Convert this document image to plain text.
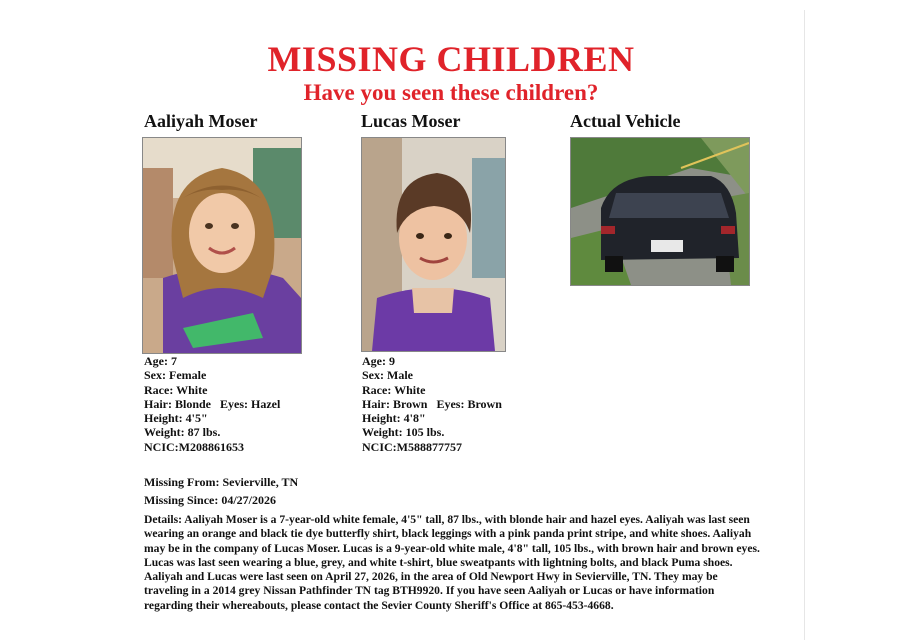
MISSING CHILDREN
Have you seen these children?
Aaliyah Moser	Lucas Moser	Actual Vehicle
Age: 7
Sex: Female
Race: White
Hair: Blonde   Eyes: Hazel
Height: 4'5"
Weight: 87 lbs.
NCIC:M208861653
Age: 9
Sex: Male
Race: White
Hair: Brown   Eyes: Brown
Height: 4'8"
Weight: 105 lbs.
NCIC:M588877757
Missing From: Sevierville, TN
Missing Since: 04/27/2026
Details: Aaliyah Moser is a 7-year-old white female, 4'5" tall, 87 lbs., with blonde hair and hazel eyes. Aaliyah was last seen wearing an orange and black tie dye butterfly shirt, black leggings with a pink panda print stripe, and white shoes. Aaliyah may be in the company of Lucas Moser. Lucas is a 9-year-old white male, 4'8" tall, 105 lbs., with brown hair and brown eyes. Lucas was last seen wearing a blue, grey, and white t-shirt, blue sweatpants with lightning bolts, and black Puma shoes. Aaliyah and Lucas were last seen on April 27, 2026, in the area of Old Newport Hwy in Sevierville, TN. They may be traveling in a 2014 grey Nissan Pathfinder TN tag BTH9920. If you have seen Aaliyah or Lucas or have information regarding their whereabouts, please contact the Sevier County Sheriff's Office at 865-453-4668.
